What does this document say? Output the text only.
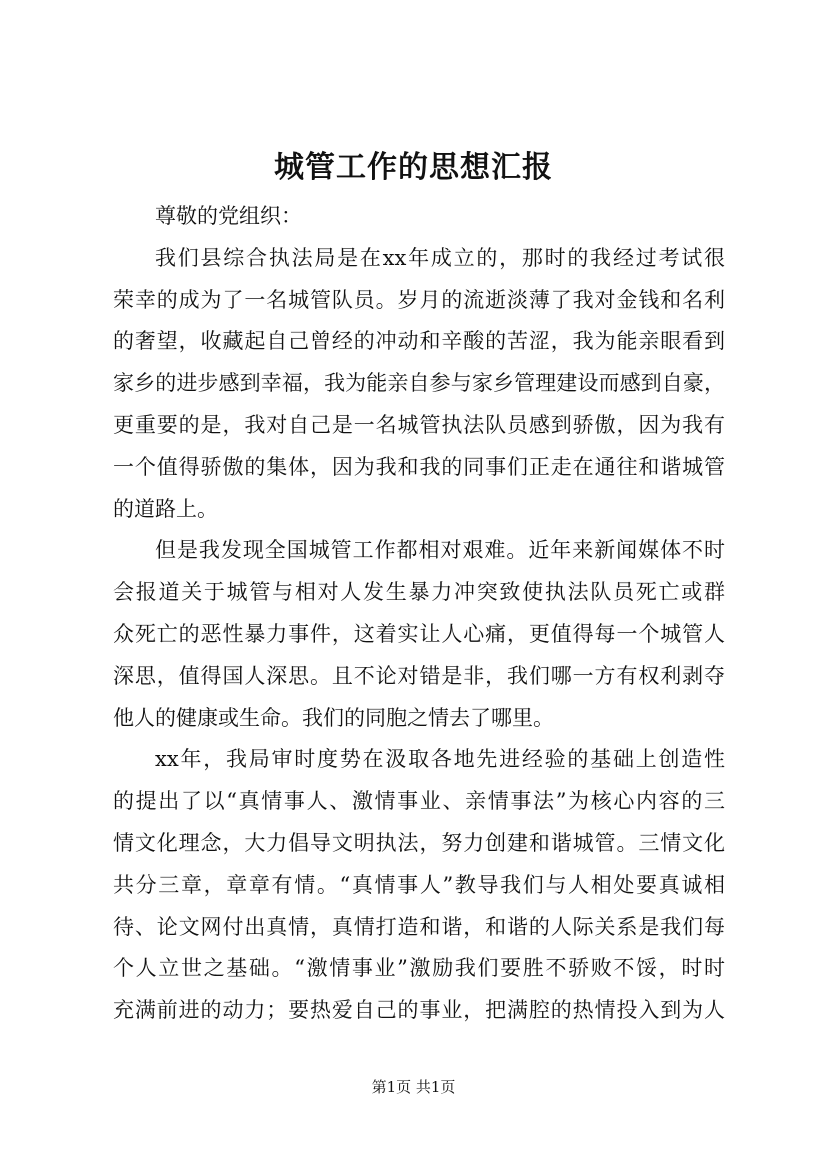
城管工作的思想汇报
尊敬的党组织：
我们县综合执法局是在xx年成立的，那时的我经过考试很
荣幸的成为了一名城管队员。岁月的流逝淡薄了我对金钱和名利
的奢望，收藏起自己曾经的冲动和辛酸的苦涩，我为能亲眼看到
家乡的进步感到幸福，我为能亲自参与家乡管理建设而感到自豪，
更重要的是，我对自己是一名城管执法队员感到骄傲，因为我有
一个值得骄傲的集体，因为我和我的同事们正走在通往和谐城管
的道路上。
但是我发现全国城管工作都相对艰难。近年来新闻媒体不时
会报道关于城管与相对人发生暴力冲突致使执法队员死亡或群
众死亡的恶性暴力事件，这着实让人心痛，更值得每一个城管人
深思，值得国人深思。且不论对错是非，我们哪一方有权利剥夺
他人的健康或生命。我们的同胞之情去了哪里。
xx年，我局审时度势在汲取各地先进经验的基础上创造性
的提出了以“真情事人、激情事业、亲情事法”为核心内容的三
情文化理念，大力倡导文明执法，努力创建和谐城管。三情文化
共分三章，章章有情。“真情事人”教导我们与人相处要真诚相
待、论文网付出真情，真情打造和谐，和谐的人际关系是我们每
个人立世之基础。“激情事业”激励我们要胜不骄败不馁，时时
充满前进的动力；要热爱自己的事业，把满腔的热情投入到为人
第1页 共1页
